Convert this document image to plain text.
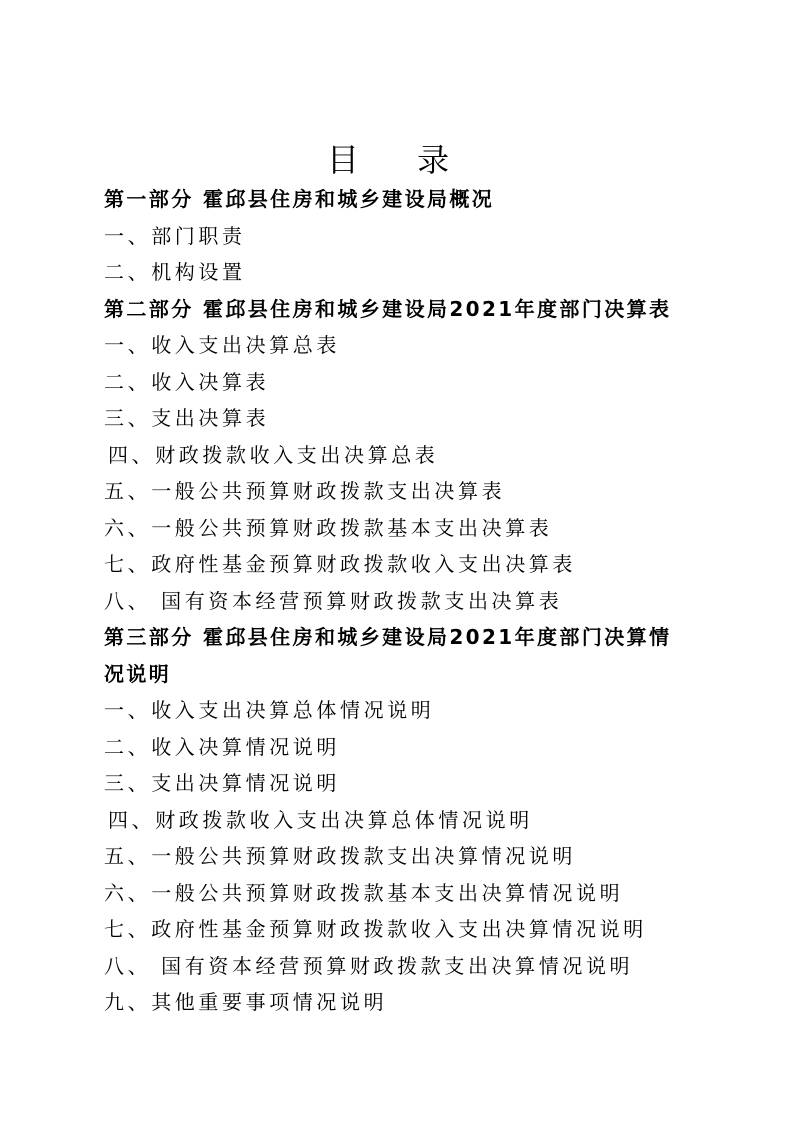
目 录
第一部分 霍邱县住房和城乡建设局概况
一、部门职责
二、机构设置
第二部分 霍邱县住房和城乡建设局2021年度部门决算表
一、收入支出决算总表
二、收入决算表
三、支出决算表
四、财政拨款收入支出决算总表
五、一般公共预算财政拨款支出决算表
六、一般公共预算财政拨款基本支出决算表
七、政府性基金预算财政拨款收入支出决算表
八、 国有资本经营预算财政拨款支出决算表
第三部分 霍邱县住房和城乡建设局2021年度部门决算情
况说明
一、收入支出决算总体情况说明
二、收入决算情况说明
三、支出决算情况说明
四、财政拨款收入支出决算总体情况说明
五、一般公共预算财政拨款支出决算情况说明
六、一般公共预算财政拨款基本支出决算情况说明
七、政府性基金预算财政拨款收入支出决算情况说明
八、 国有资本经营预算财政拨款支出决算情况说明
九、其他重要事项情况说明
